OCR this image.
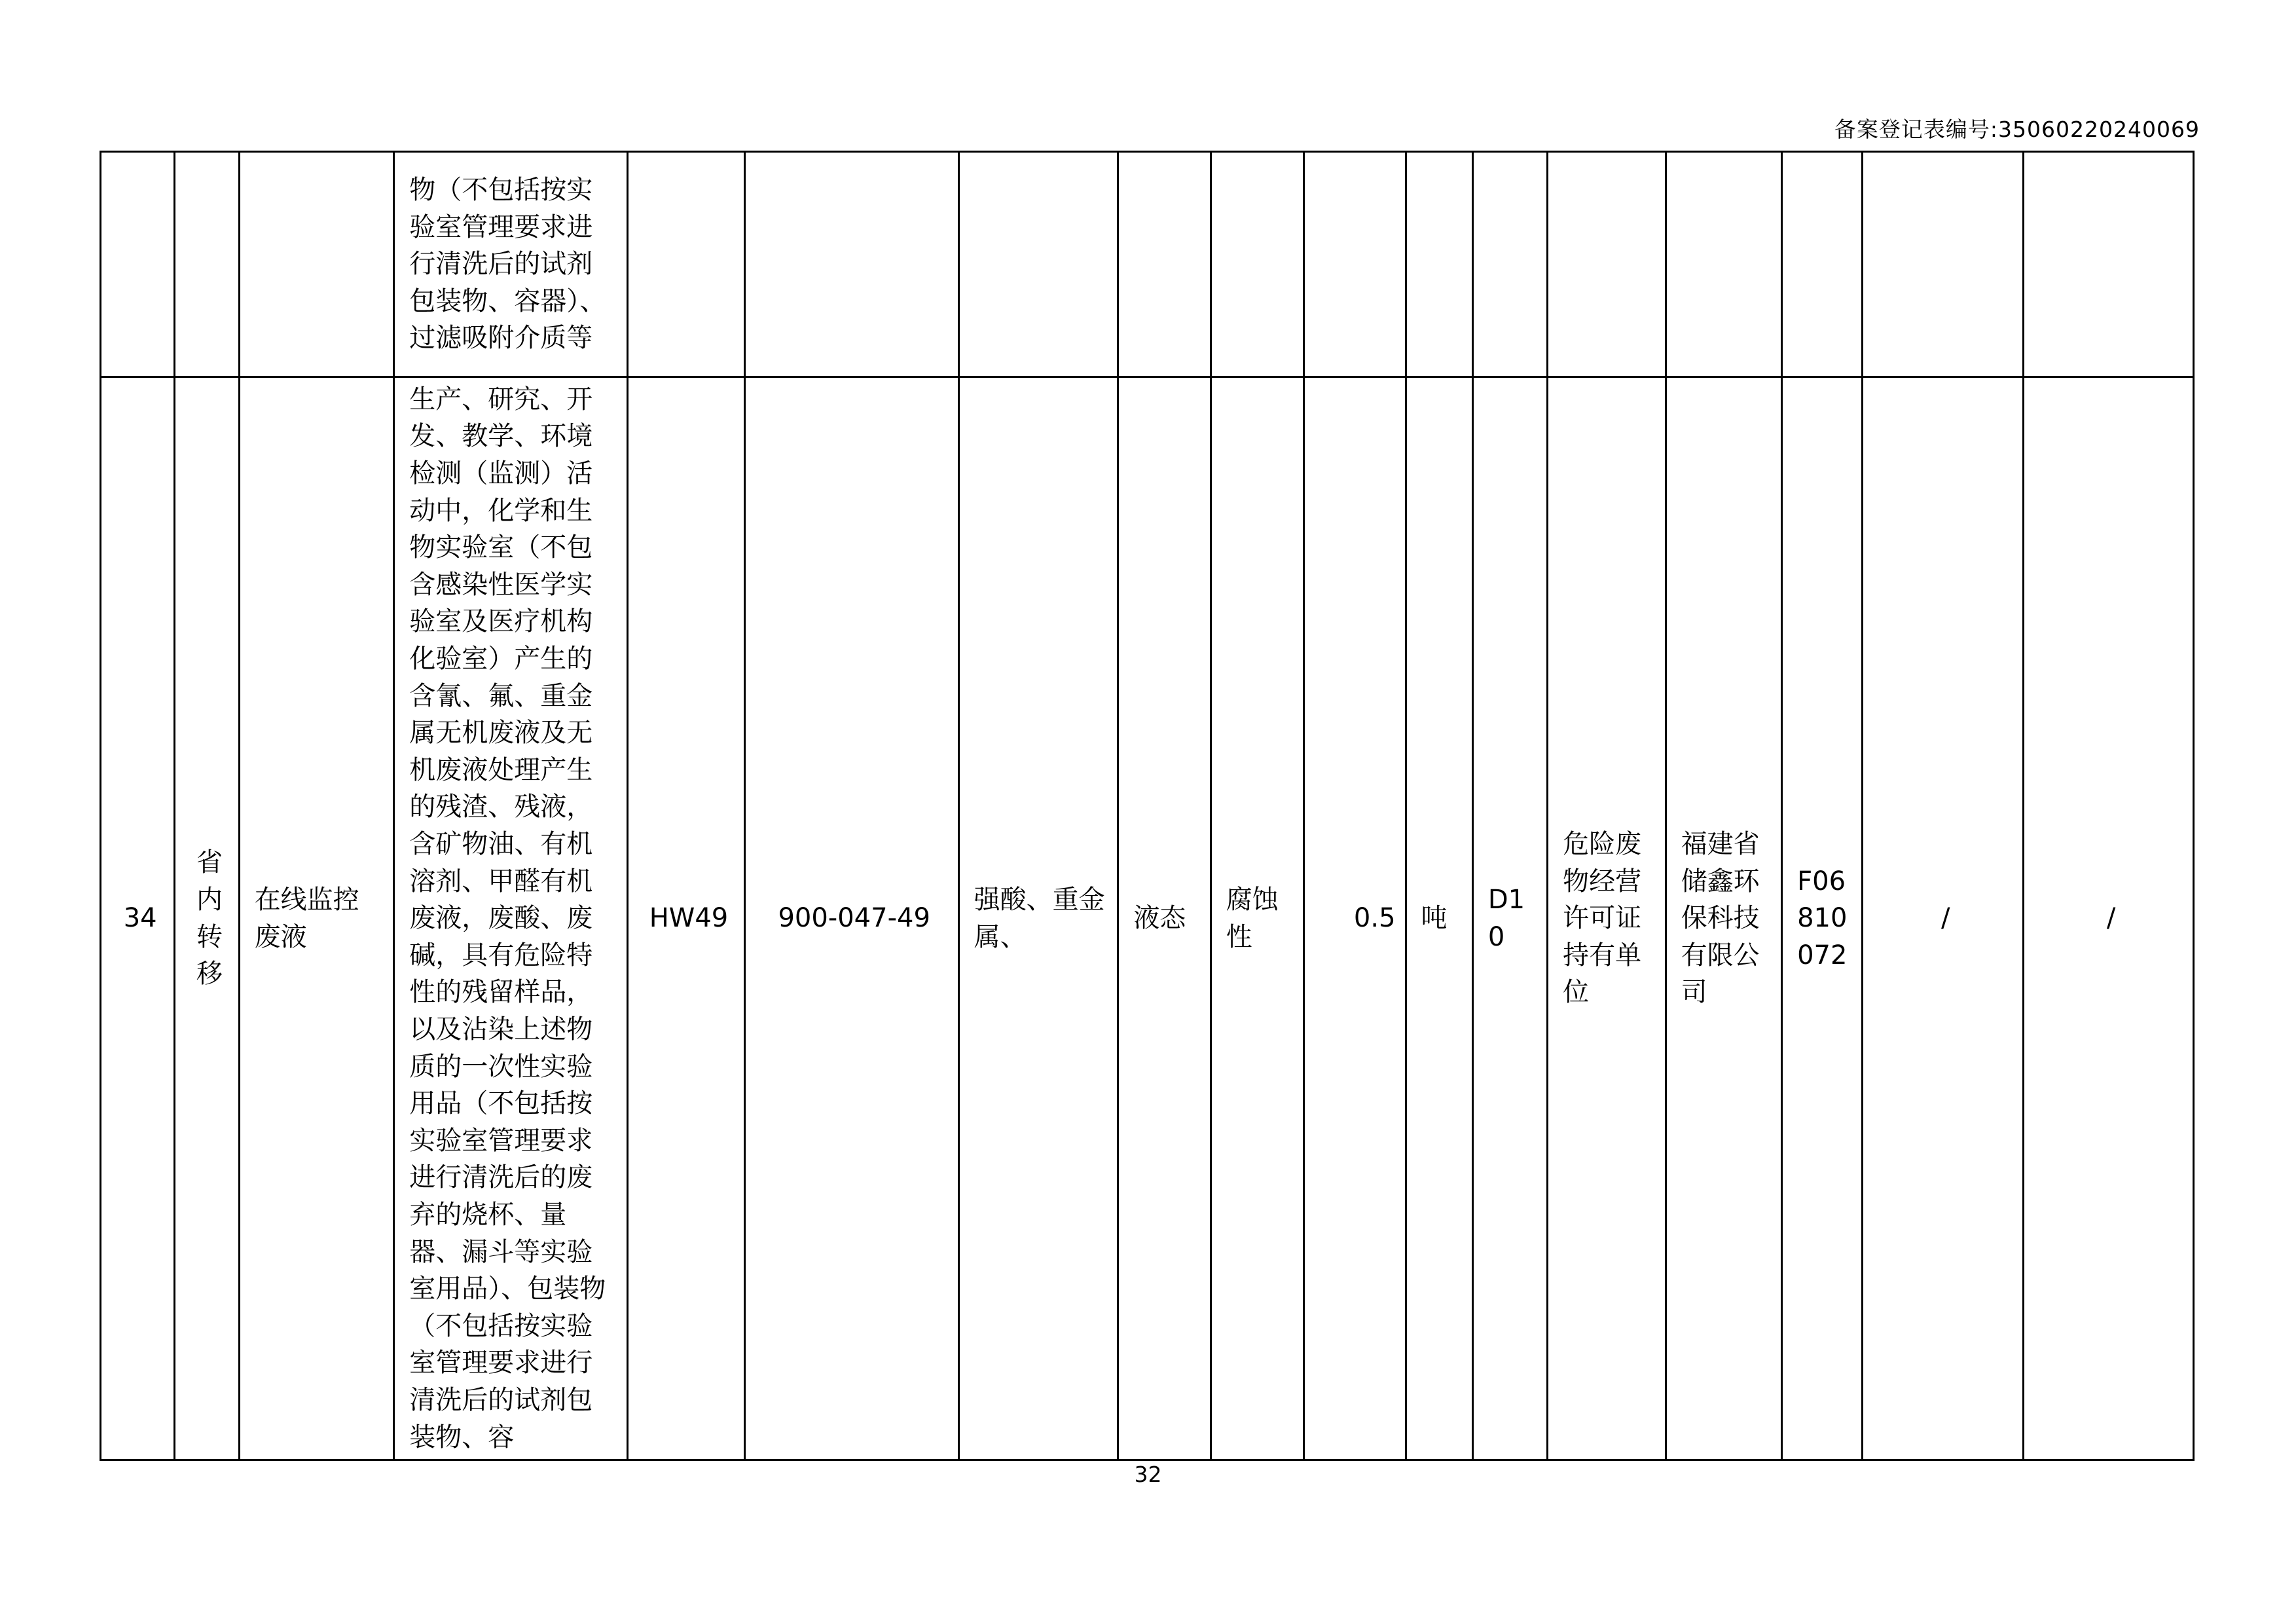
备案登记表编号:35060220240069
			物（不包括按实验室管理要求进行清洗后的试剂包装物、容器）、过滤吸附介质等													
34	省内转移	在线监控废液	生产、研究、开发、教学、环境检测（监测）活动中，化学和生物实验室（不包含感染性医学实验室及医疗机构化验室）产生的含氰、氟、重金属无机废液及无机废液处理产生的残渣、残液，含矿物油、有机溶剂、甲醛有机废液，废酸、废碱，具有危险特性的残留样品，以及沾染上述物质的一次性实验用品（不包括按实验室管理要求进行清洗后的废弃的烧杯、量器、漏斗等实验室用品）、包装物（不包括按实验室管理要求进行清洗后的试剂包装物、容	HW49	900-047-49	强酸、重金属、	液态	腐蚀性	0.5	吨	D10	危险废物经营许可证持有单位	福建省储鑫环保科技有限公司	F06810072	/	/
32
